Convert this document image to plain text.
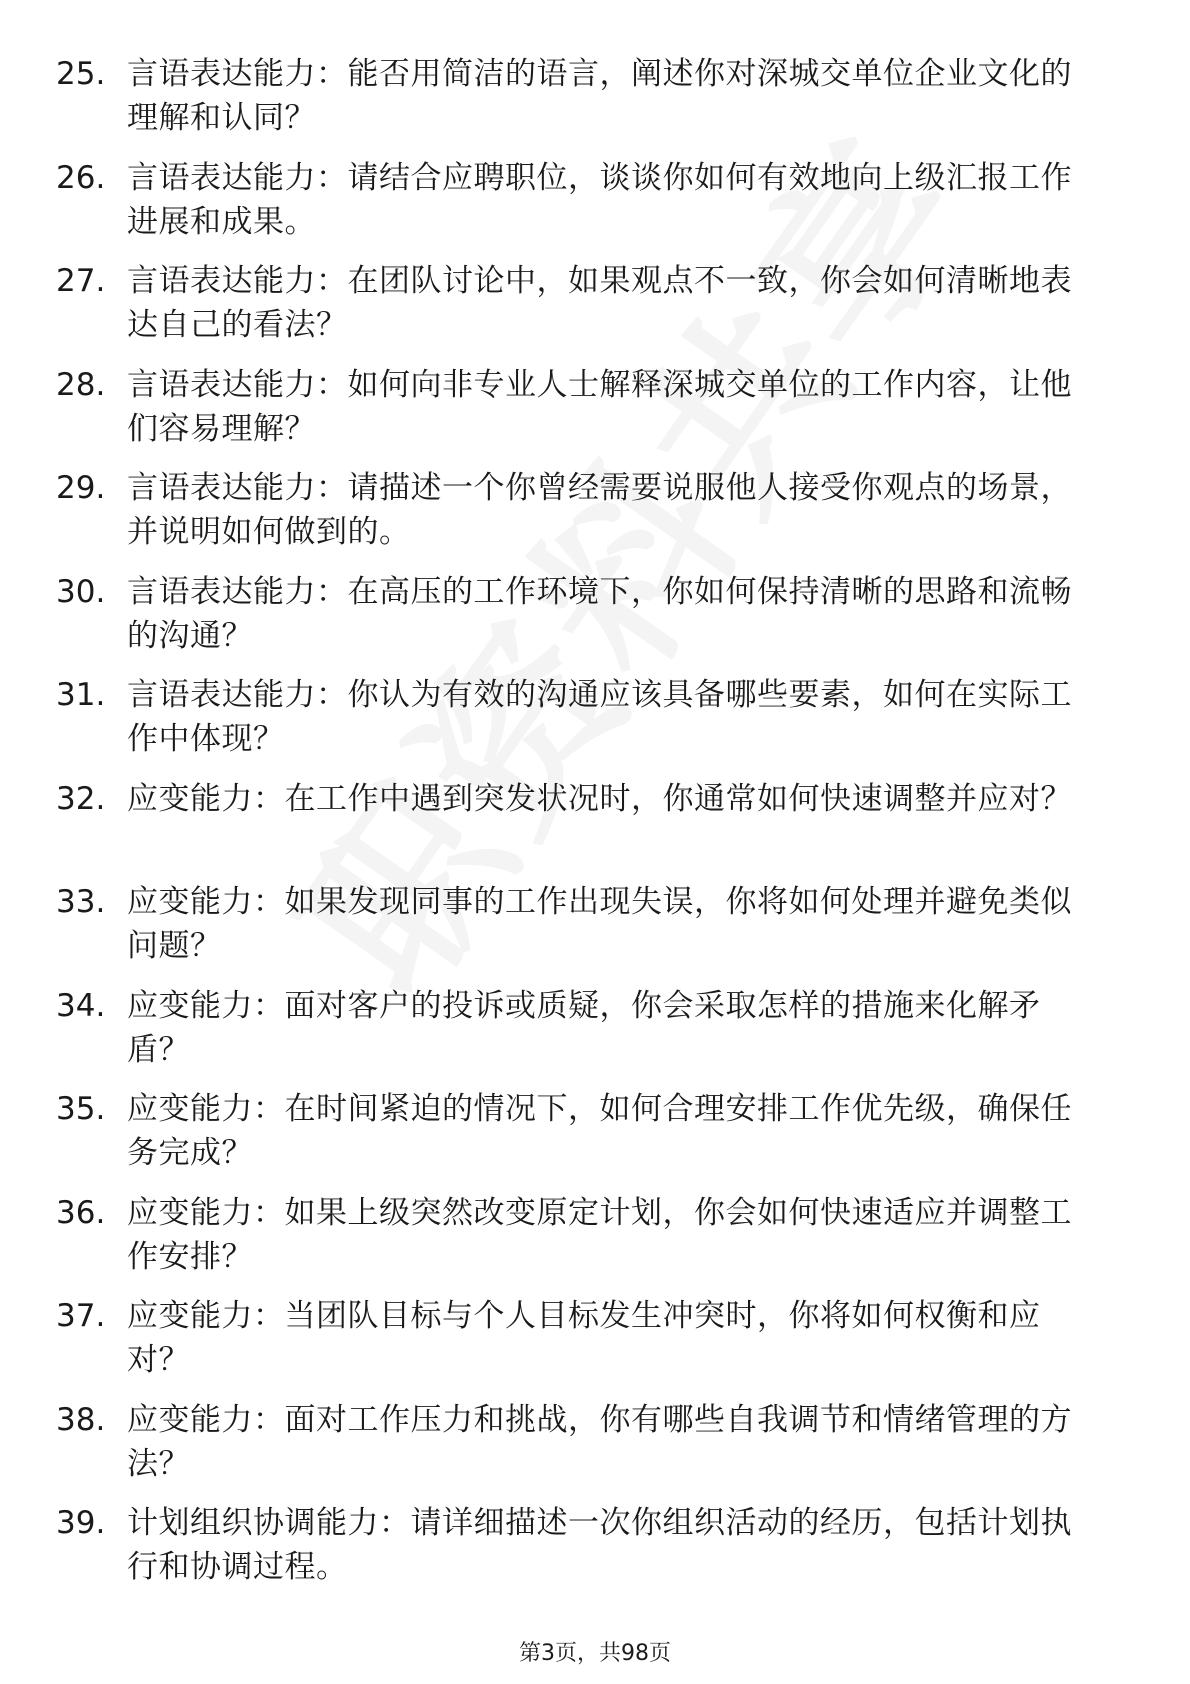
25. 言语表达能力：能否用简洁的语言，阐述你对深城交单位企业文化的理解和认同？
26. 言语表达能力：请结合应聘职位，谈谈你如何有效地向上级汇报工作进展和成果。
27. 言语表达能力：在团队讨论中，如果观点不一致，你会如何清晰地表达自己的看法？
28. 言语表达能力：如何向非专业人士解释深城交单位的工作内容，让他们容易理解？
29. 言语表达能力：请描述一个你曾经需要说服他人接受你观点的场景，并说明如何做到的。
30. 言语表达能力：在高压的工作环境下，你如何保持清晰的思路和流畅的沟通？
31. 言语表达能力：你认为有效的沟通应该具备哪些要素，如何在实际工作中体现？
32. 应变能力：在工作中遇到突发状况时，你通常如何快速调整并应对？
33. 应变能力：如果发现同事的工作出现失误，你将如何处理并避免类似问题？
34. 应变能力：面对客户的投诉或质疑，你会采取怎样的措施来化解矛盾？
35. 应变能力：在时间紧迫的情况下，如何合理安排工作优先级，确保任务完成？
36. 应变能力：如果上级突然改变原定计划，你会如何快速适应并调整工作安排？
37. 应变能力：当团队目标与个人目标发生冲突时，你将如何权衡和应对？
38. 应变能力：面对工作压力和挑战，你有哪些自我调节和情绪管理的方法？
39. 计划组织协调能力：请详细描述一次你组织活动的经历，包括计划执行和协调过程。
第3页，共98页
